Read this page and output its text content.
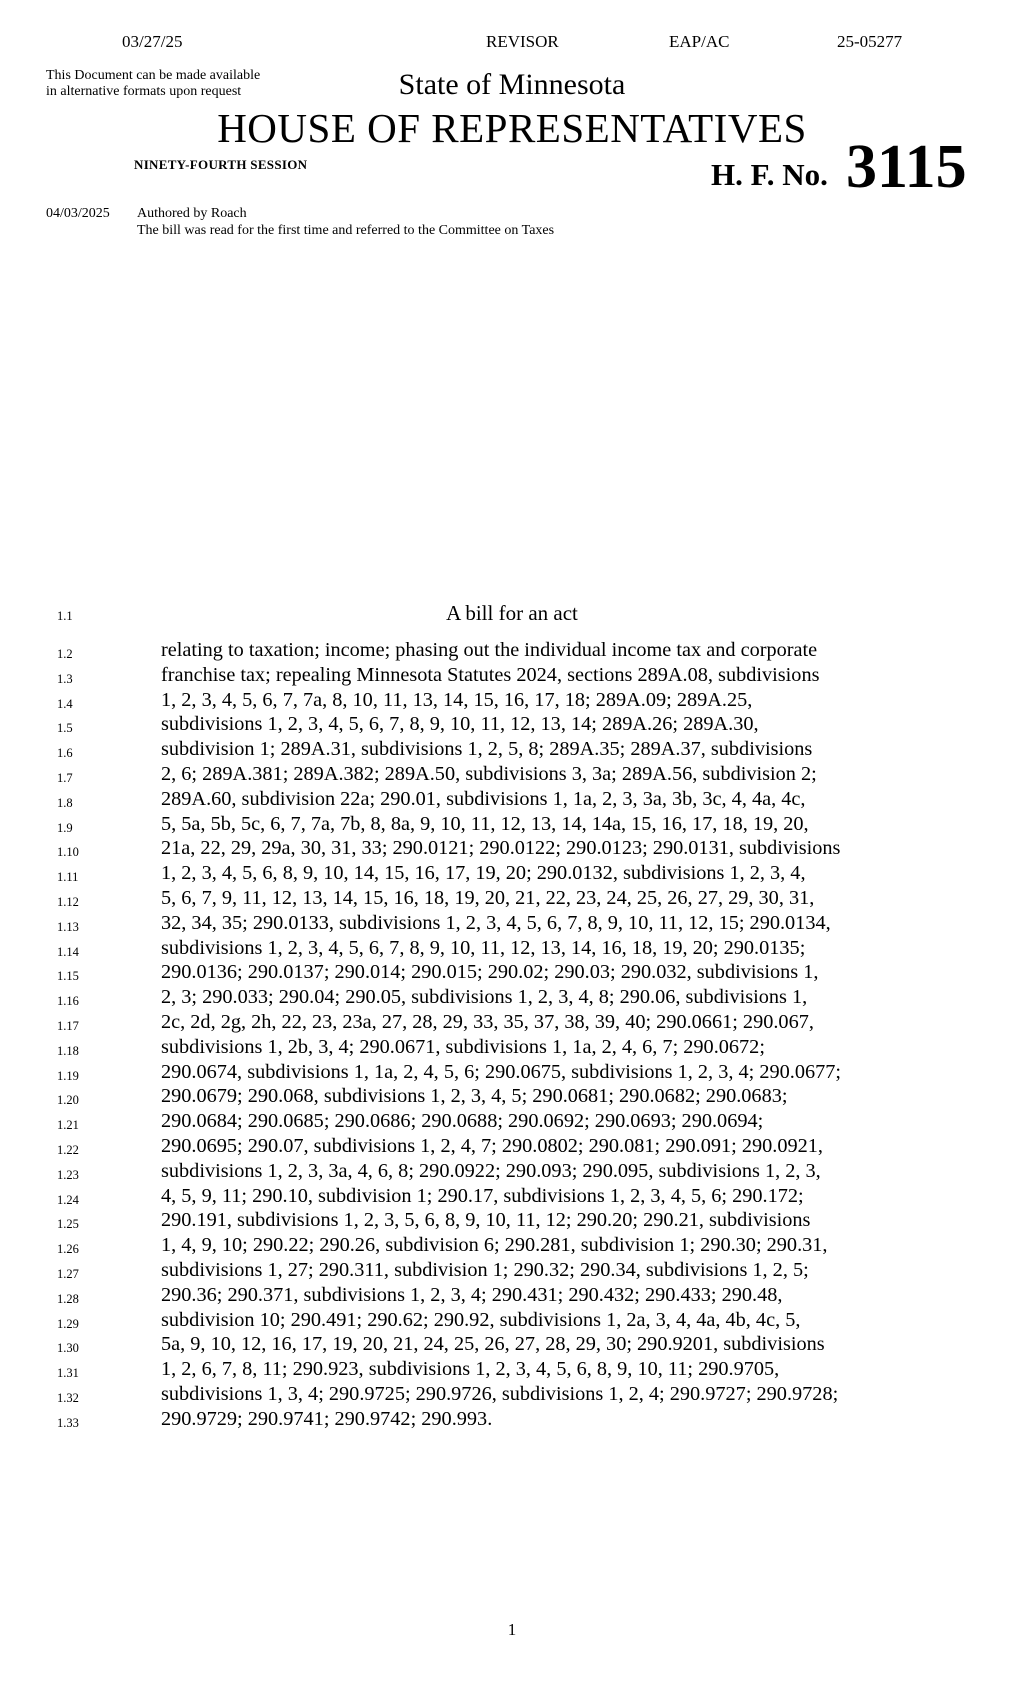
03/27/25	REVISOR	EAP/AC	25-05277
This Document can be made available
in alternative formats upon request	State of Minnesota
HOUSE OF REPRESENTATIVES
NINETY-FOURTH SESSION	H. F. No. 3115
04/03/2025 Authored by Roach
The bill was read for the first time and referred to the Committee on Taxes
1.1	A bill for an act
1.2	relating to taxation; income; phasing out the individual income tax and corporate
1.3	franchise tax; repealing Minnesota Statutes 2024, sections 289A.08, subdivisions
1.4	1, 2, 3, 4, 5, 6, 7, 7a, 8, 10, 11, 13, 14, 15, 16, 17, 18; 289A.09; 289A.25,
1.5	subdivisions 1, 2, 3, 4, 5, 6, 7, 8, 9, 10, 11, 12, 13, 14; 289A.26; 289A.30,
1.6	subdivision 1; 289A.31, subdivisions 1, 2, 5, 8; 289A.35; 289A.37, subdivisions
1.7	2, 6; 289A.381; 289A.382; 289A.50, subdivisions 3, 3a; 289A.56, subdivision 2;
1.8	289A.60, subdivision 22a; 290.01, subdivisions 1, 1a, 2, 3, 3a, 3b, 3c, 4, 4a, 4c,
1.9	5, 5a, 5b, 5c, 6, 7, 7a, 7b, 8, 8a, 9, 10, 11, 12, 13, 14, 14a, 15, 16, 17, 18, 19, 20,
1.10	21a, 22, 29, 29a, 30, 31, 33; 290.0121; 290.0122; 290.0123; 290.0131, subdivisions
1.11	1, 2, 3, 4, 5, 6, 8, 9, 10, 14, 15, 16, 17, 19, 20; 290.0132, subdivisions 1, 2, 3, 4,
1.12	5, 6, 7, 9, 11, 12, 13, 14, 15, 16, 18, 19, 20, 21, 22, 23, 24, 25, 26, 27, 29, 30, 31,
1.13	32, 34, 35; 290.0133, subdivisions 1, 2, 3, 4, 5, 6, 7, 8, 9, 10, 11, 12, 15; 290.0134,
1.14	subdivisions 1, 2, 3, 4, 5, 6, 7, 8, 9, 10, 11, 12, 13, 14, 16, 18, 19, 20; 290.0135;
1.15	290.0136; 290.0137; 290.014; 290.015; 290.02; 290.03; 290.032, subdivisions 1,
1.16	2, 3; 290.033; 290.04; 290.05, subdivisions 1, 2, 3, 4, 8; 290.06, subdivisions 1,
1.17	2c, 2d, 2g, 2h, 22, 23, 23a, 27, 28, 29, 33, 35, 37, 38, 39, 40; 290.0661; 290.067,
1.18	subdivisions 1, 2b, 3, 4; 290.0671, subdivisions 1, 1a, 2, 4, 6, 7; 290.0672;
1.19	290.0674, subdivisions 1, 1a, 2, 4, 5, 6; 290.0675, subdivisions 1, 2, 3, 4; 290.0677;
1.20	290.0679; 290.068, subdivisions 1, 2, 3, 4, 5; 290.0681; 290.0682; 290.0683;
1.21	290.0684; 290.0685; 290.0686; 290.0688; 290.0692; 290.0693; 290.0694;
1.22	290.0695; 290.07, subdivisions 1, 2, 4, 7; 290.0802; 290.081; 290.091; 290.0921,
1.23	subdivisions 1, 2, 3, 3a, 4, 6, 8; 290.0922; 290.093; 290.095, subdivisions 1, 2, 3,
1.24	4, 5, 9, 11; 290.10, subdivision 1; 290.17, subdivisions 1, 2, 3, 4, 5, 6; 290.172;
1.25	290.191, subdivisions 1, 2, 3, 5, 6, 8, 9, 10, 11, 12; 290.20; 290.21, subdivisions
1.26	1, 4, 9, 10; 290.22; 290.26, subdivision 6; 290.281, subdivision 1; 290.30; 290.31,
1.27	subdivisions 1, 27; 290.311, subdivision 1; 290.32; 290.34, subdivisions 1, 2, 5;
1.28	290.36; 290.371, subdivisions 1, 2, 3, 4; 290.431; 290.432; 290.433; 290.48,
1.29	subdivision 10; 290.491; 290.62; 290.92, subdivisions 1, 2a, 3, 4, 4a, 4b, 4c, 5,
1.30	5a, 9, 10, 12, 16, 17, 19, 20, 21, 24, 25, 26, 27, 28, 29, 30; 290.9201, subdivisions
1.31	1, 2, 6, 7, 8, 11; 290.923, subdivisions 1, 2, 3, 4, 5, 6, 8, 9, 10, 11; 290.9705,
1.32	subdivisions 1, 3, 4; 290.9725; 290.9726, subdivisions 1, 2, 4; 290.9727; 290.9728;
1.33	290.9729; 290.9741; 290.9742; 290.993.
1
